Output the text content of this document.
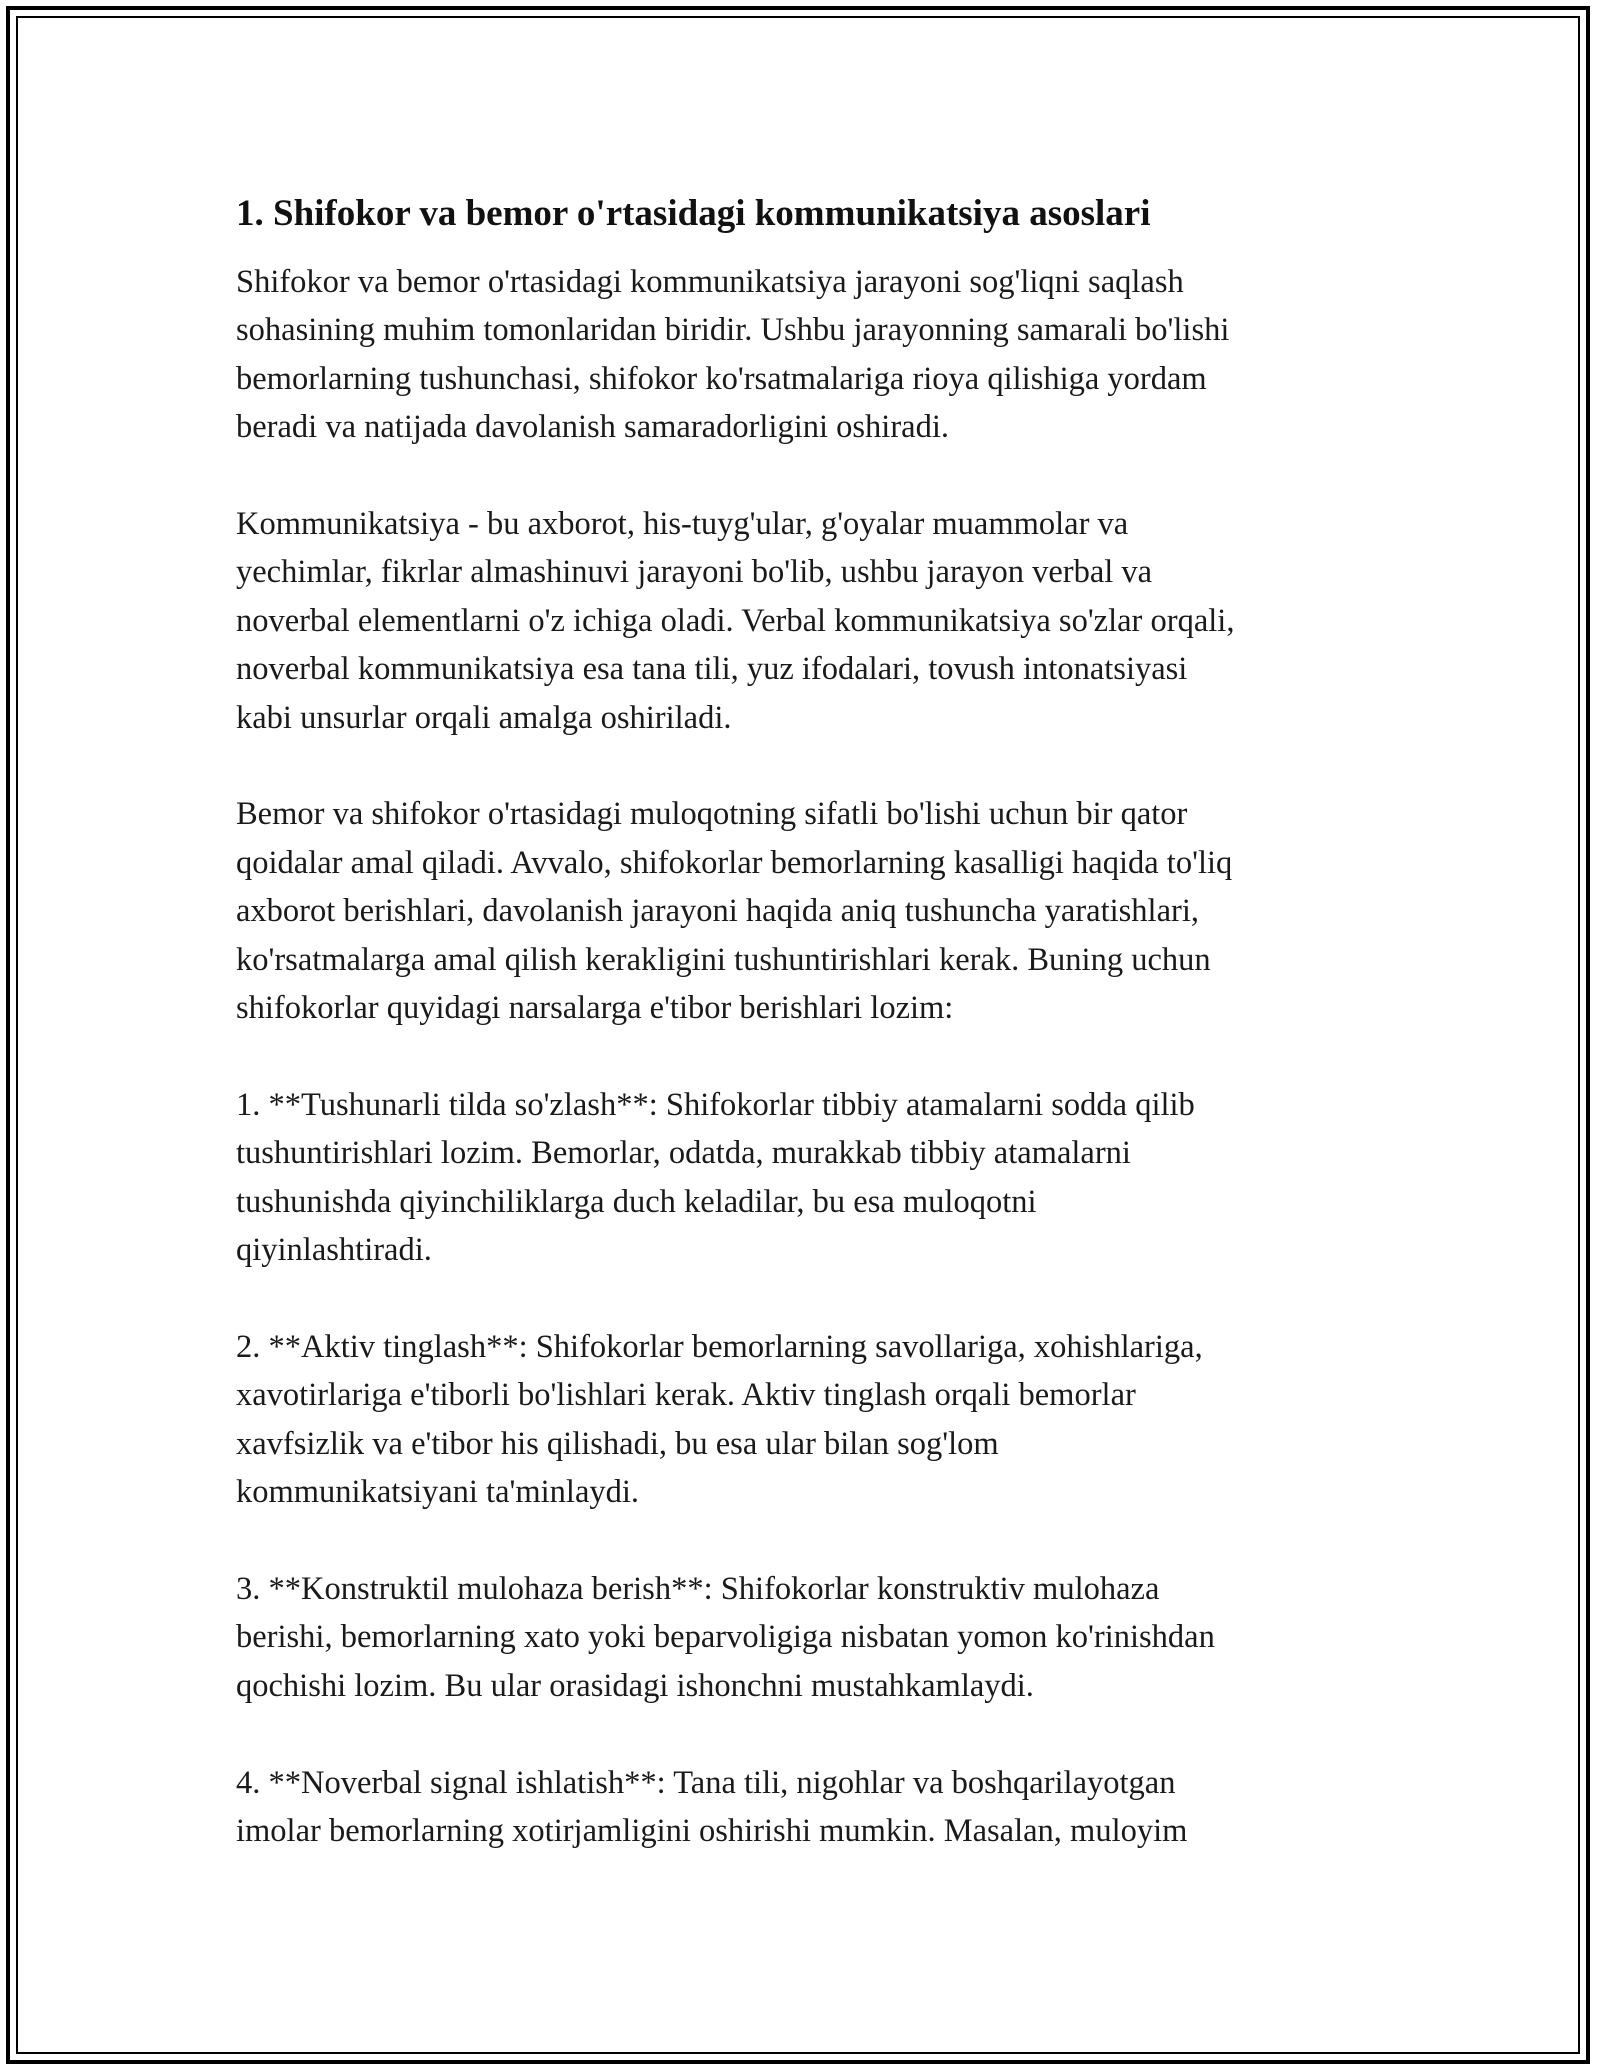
1. Shifokor va bemor o'rtasidagi kommunikatsiya asoslari

Shifokor va bemor o'rtasidagi kommunikatsiya jarayoni sog'liqni saqlash
sohasining muhim tomonlaridan biridir. Ushbu jarayonning samarali bo'lishi
bemorlarning tushunchasi, shifokor ko'rsatmalariga rioya qilishiga yordam
beradi va natijada davolanish samaradorligini oshiradi.

Kommunikatsiya - bu axborot, his-tuyg'ular, g'oyalar muammolar va
yechimlar, fikrlar almashinuvi jarayoni bo'lib, ushbu jarayon verbal va
noverbal elementlarni o'z ichiga oladi. Verbal kommunikatsiya so'zlar orqali,
noverbal kommunikatsiya esa tana tili, yuz ifodalari, tovush intonatsiyasi
kabi unsurlar orqali amalga oshiriladi.

Bemor va shifokor o'rtasidagi muloqotning sifatli bo'lishi uchun bir qator
qoidalar amal qiladi. Avvalo, shifokorlar bemorlarning kasalligi haqida to'liq
axborot berishlari, davolanish jarayoni haqida aniq tushuncha yaratishlari,
ko'rsatmalarga amal qilish kerakligini tushuntirishlari kerak. Buning uchun
shifokorlar quyidagi narsalarga e'tibor berishlari lozim:

1. **Tushunarli tilda so'zlash**: Shifokorlar tibbiy atamalarni sodda qilib
tushuntirishlari lozim. Bemorlar, odatda, murakkab tibbiy atamalarni
tushunishda qiyinchiliklarga duch keladilar, bu esa muloqotni
qiyinlashtiradi.

2. **Aktiv tinglash**: Shifokorlar bemorlarning savollariga, xohishlariga,
xavotirlariga e'tiborli bo'lishlari kerak. Aktiv tinglash orqali bemorlar
xavfsizlik va e'tibor his qilishadi, bu esa ular bilan sog'lom
kommunikatsiyani ta'minlaydi.

3. **Konstruktil mulohaza berish**: Shifokorlar konstruktiv mulohaza
berishi, bemorlarning xato yoki beparvoligiga nisbatan yomon ko'rinishdan
qochishi lozim. Bu ular orasidagi ishonchni mustahkamlaydi.

4. **Noverbal signal ishlatish**: Tana tili, nigohlar va boshqarilayotgan
imolar bemorlarning xotirjamligini oshirishi mumkin. Masalan, muloyim
